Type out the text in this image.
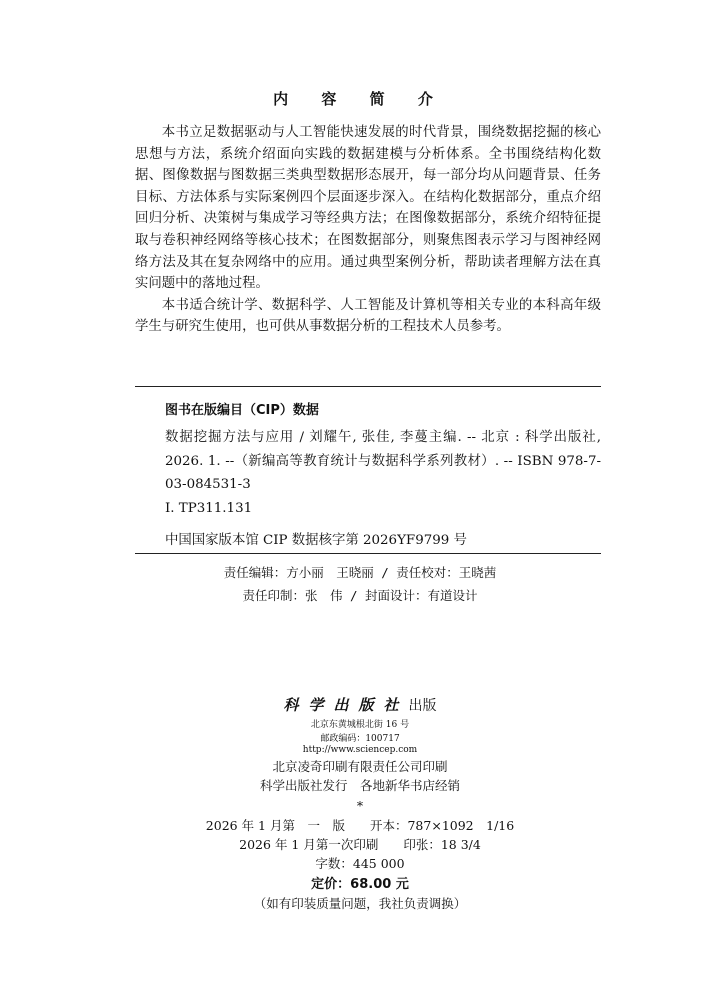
内 容 简 介

本书立足数据驱动与人工智能快速发展的时代背景，围绕数据挖掘的核心思想与方法，系统介绍面向实践的数据建模与分析体系。全书围绕结构化数据、图像数据与图数据三类典型数据形态展开，每一部分均从问题背景、任务目标、方法体系与实际案例四个层面逐步深入。在结构化数据部分，重点介绍回归分析、决策树与集成学习等经典方法；在图像数据部分，系统介绍特征提取与卷积神经网络等核心技术；在图数据部分，则聚焦图表示学习与图神经网络方法及其在复杂网络中的应用。通过典型案例分析，帮助读者理解方法在真实问题中的落地过程。

本书适合统计学、数据科学、人工智能及计算机等相关专业的本科高年级学生与研究生使用，也可供从事数据分析的工程技术人员参考。

图书在版编目（CIP）数据
数据挖掘方法与应用 / 刘耀午, 张佳, 李蔓主编. -- 北京 : 科学出版社, 2026. 1. --（新编高等教育统计与数据科学系列教材）. -- ISBN 978-7-03-084531-3
Ⅰ. TP311.131
中国国家版本馆 CIP 数据核字第 2026YF9799 号
责任编辑：方小丽　王晓丽 / 责任校对：王晓茜
责任印制：张　伟 / 封面设计：有道设计
科学出版社出版
北京东黄城根北街 16 号
邮政编码：100717
http://www.sciencep.com
北京凌奇印刷有限责任公司印刷
科学出版社发行　各地新华书店经销
*
2026 年 1 月第　一　版　　开本：787×1092　1/16
2026 年 1 月第一次印刷　　印张：18 3/4
字数：445 000
定价：68.00 元
（如有印装质量问题，我社负责调换）
